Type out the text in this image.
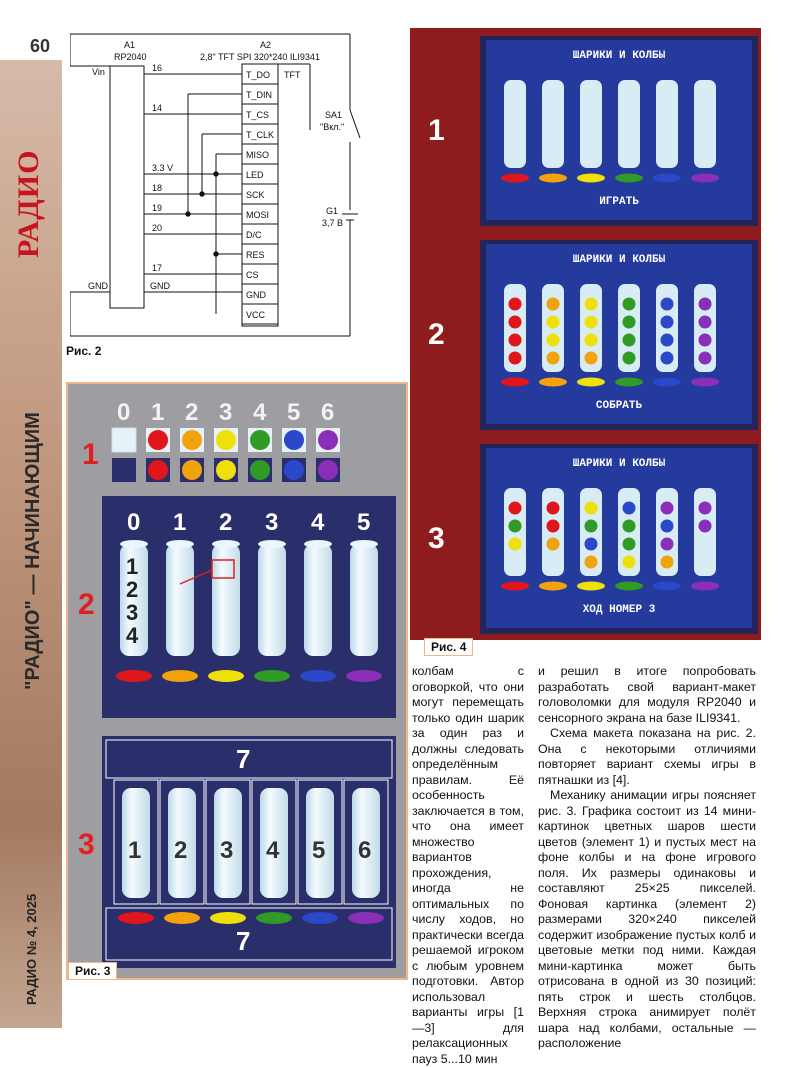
60
РАДИО
"РАДИО" — НАЧИНАЮЩИМ
РАДИО № 4, 2025
T_DO
T_DIN
T_CS
T_CLK
MISO
LED
SCK
MOSI
D/C
RES
CS
GND
VCC
16
14
3.3 V
18
19
20
17
A1
RP2040
A2
2,8" TFT SPI 320*240 ILI9341
TFT
Vin
GND	GND
SA1
"Вкл."
G1
3,7 В
Рис. 2
1
0 1 2 3 4 5 6
2
0 1 2 3 4 5
1
2
3
4
3
7
7
1 2 3 4 5 6
Рис. 3
1
ШАРИКИ И КОЛБЫ
ИГРАТЬ
2
ШАРИКИ И КОЛБЫ
СОБРАТЬ
3
ШАРИКИ И КОЛБЫ
ХОД НОМЕР 3
Рис. 4

колбам с оговоркой, что они могут перемещать только один шарик за один раз и должны следовать определённым правилам. Её особенность заключается в том, что она имеет множество вариантов прохождения, иногда не оптимальных по числу ходов, но практически всегда решаемой игроком с любым уровнем подготовки. Автор использовал варианты игры [1—3] для релаксационных пауз 5...10 мин

и решил в итоге попробовать разработать свой вариант-макет головоломки для модуля RP2040 и сенсорного экрана на базе ILI9341.

Схема макета показана на рис. 2. Она с некоторыми отличиями повторяет вариант схемы игры в пятнашки из [4].

Механику анимации игры поясняет рис. 3. Графика состоит из 14 мини-картинок цветных шаров шести цветов (элемент 1) и пустых мест на фоне колбы и на фоне игрового поля. Их размеры одинаковы и составляют 25×25 пикселей. Фоновая картинка (элемент 2) размерами 320×240 пикселей содержит изображение пустых колб и цветовые метки под ними. Каждая мини-картинка может быть отрисована в одной из 30 позиций: пять строк и шесть столбцов. Верхняя строка анимирует полёт шара над колбами, остальные — расположение
